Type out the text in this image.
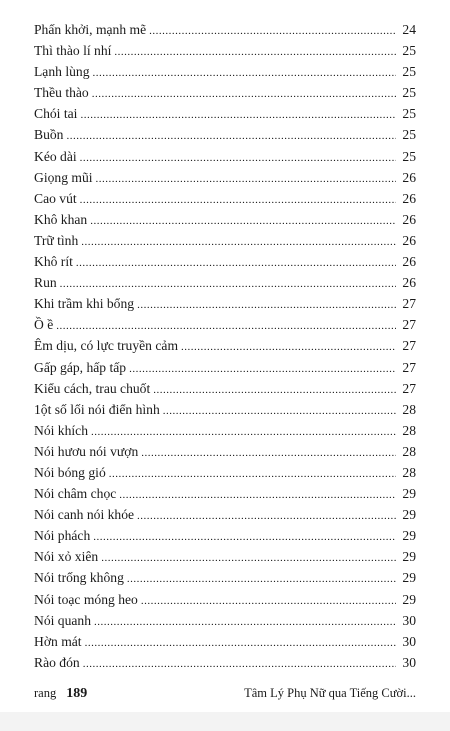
Phấn khởi, mạnh mẽ .....	24
Thì thào lí nhí .....	25
Lạnh lùng .....	25
Thều thào .....	25
Chói tai .....	25
Buồn .....	25
Kéo dài .....	25
Giọng mũi .....	26
Cao vút .....	26
Khô khan .....	26
Trữ tình .....	26
Khô rít .....	26
Run .....	26
Khi trầm khi bổng .....	27
Ồ ề .....	27
Êm dịu, có lực truyền cảm .....	27
Gấp gáp, hấp tấp .....	27
Kiểu cách, trau chuốt .....	27
1ột số lối nói điển hình .....	28
Nói khích .....	28
Nói hươu nói vượn .....	28
Nói bóng gió .....	28
Nói châm chọc .....	29
Nói canh nói khóe .....	29
Nói phách .....	29
Nói xỏ xiên .....	29
Nói trống không .....	29
Nói toạc móng heo .....	29
Nói quanh .....	30
Hờn mát .....	30
Rào đón .....	30
rang 189	Tâm Lý Phụ Nữ qua Tiếng Cười...
